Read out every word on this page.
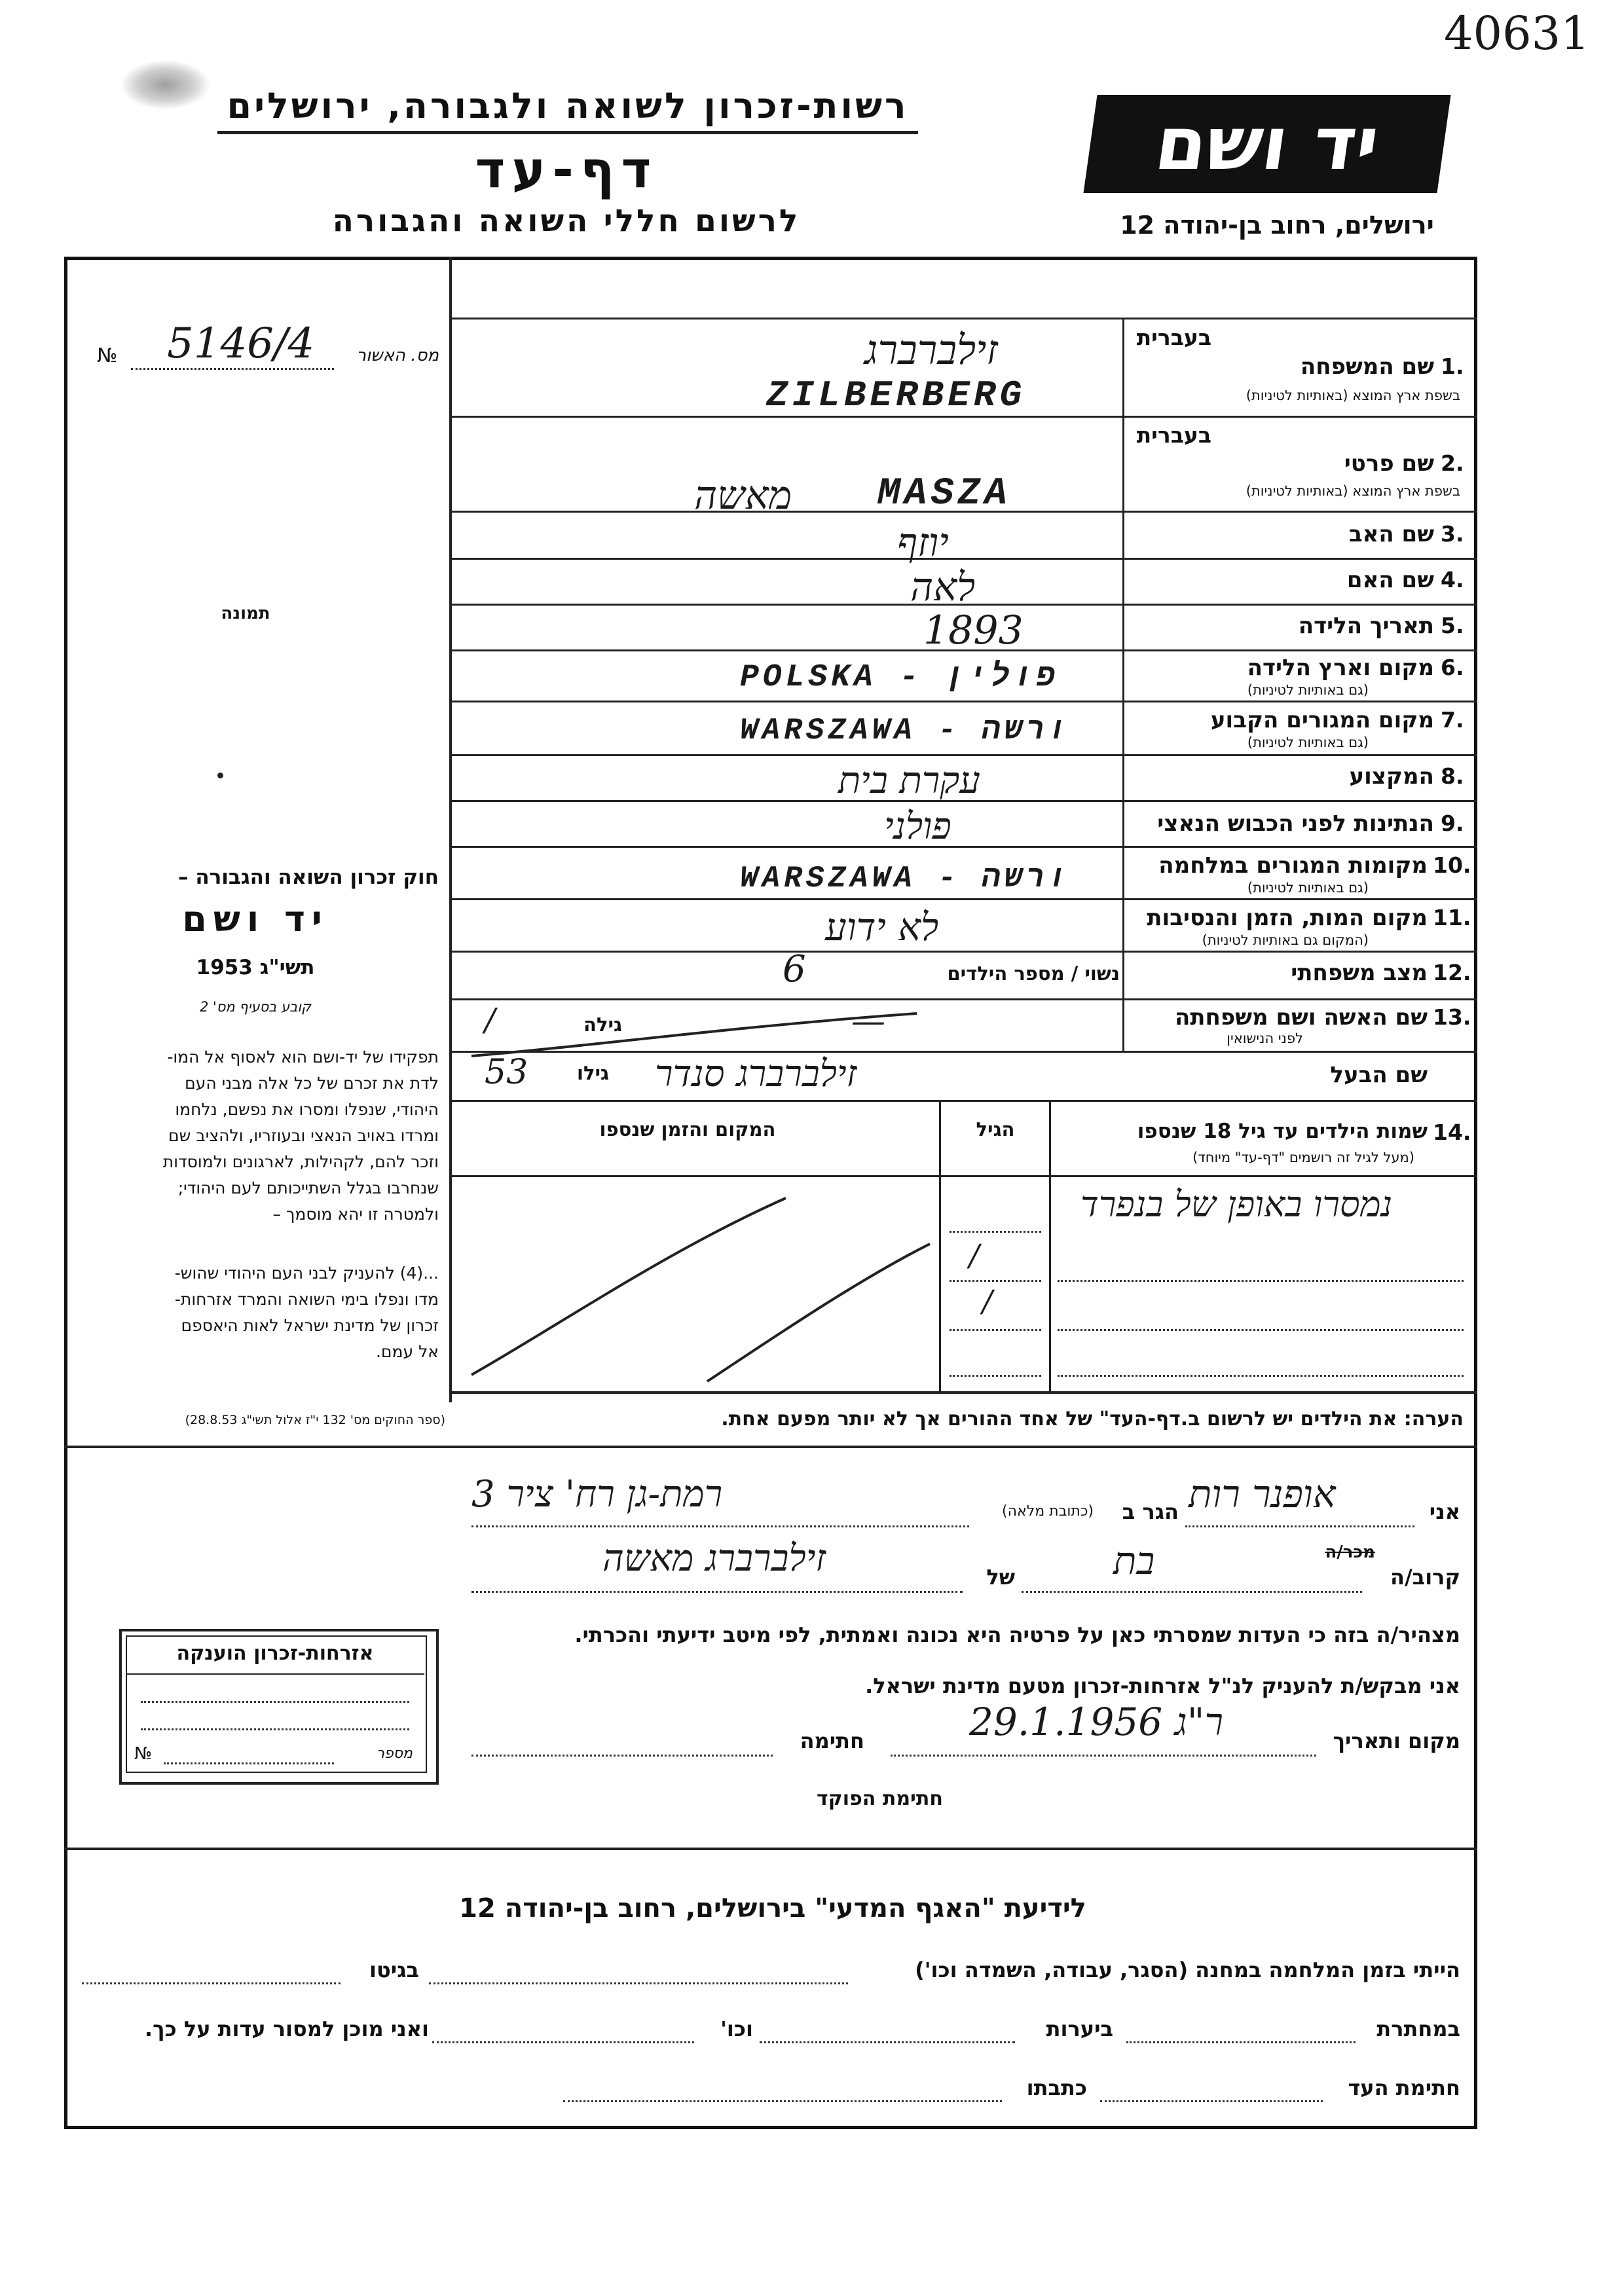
40631
רשות-זכרון לשואה ולגבורה, ירושלים
דף-עד
לרשום חללי השואה והגבורה
יד ושם
ירושלים, רחוב בן-יהודה 12
מס. האשור
№ 5146/4
תמונה
בעברית
1.
שם המשפחה
בשפת ארץ המוצא (באותיות לטיניות)
בעברית
2.
שם פרטי
בשפת ארץ המוצא (באותיות לטיניות)
3.
שם האב
4.
שם האם
5.
תאריך הלידה
6.
מקום וארץ הלידה
(גם באותיות לטיניות)
7.
מקום המגורים הקבוע
(גם באותיות לטיניות)
8.
המקצוע
9.
הנתינות לפני הכבוש הנאצי
10.
מקומות המגורים במלחמה
(גם באותיות לטיניות)
11.
מקום המות, הזמן והנסיבות
(המקום גם באותיות לטיניות)
12.
מצב משפחתי
נשוי / מספר הילדים
13.
שם האשה ושם משפחתה
לפני הנישואין
גילה
שם הבעל
גילו
14.
שמות הילדים עד גיל 18 שנספו
(מעל לגיל זה רושמים "דף-עד" מיוחד)
הגיל
המקום והזמן שנספו
זילברברג
ZILBERBERG
מאשה MASZA
יוזף
לאה
1893
POLSKA - פולין
WARSZAWA - ורשה
עקרת בית
פולני
WARSZAWA - ורשה
לא ידוע
6
—
/
53	זילברברג סנדר
נמסרו באופן של בנפרד
/
/
חוק זכרון השואה והגבורה –
יד ושם
תשי"ג 1953
קובע בסעיף מס' 2
תפקידו של יד-ושם הוא לאסוף אל המו-
לדת את זכרם של כל אלה מבני העם
היהודי, שנפלו ומסרו את נפשם, נלחמו
ומרדו באויב הנאצי ובעוזריו, ולהציב שם
וזכר להם, לקהילות, לארגונים ולמוסדות
שנחרבו בגלל השתייכותם לעם היהודי;
ולמטרה זו יהא מוסמך –
...(4) להעניק לבני העם היהודי שהוש-
מדו ונפלו בימי השואה והמרד אזרחות-
זכרון של מדינת ישראל לאות היאספם
אל עמם.
(ספר החוקים מס' 132 י"ז אלול תשי"ג 28.8.53)	הערה: את הילדים יש לרשום ב.דף-העד" של אחד ההורים אך לא יותר מפעם אחת.
אני
אופנר רות
הגר ב
(כתובת מלאה)
רמת-גן רח' ציר 3
קרוב/ה
מכר/ה
בת
של
זילברברג מאשה
מצהיר/ה בזה כי העדות שמסרתי כאן על פרטיה היא נכונה ואמתית, לפי מיטב ידיעתי והכרתי.
אני מבקש/ת להעניק לנ"ל אזרחות-זכרון מטעם מדינת ישראל.
מקום ותאריך
ר"ג 29.1.1956
חתימה
חתימת הפוקד
אזרחות-זכרון הוענקה
מספר
№
לידיעת "האגף המדעי" בירושלים, רחוב בן-יהודה 12
הייתי בזמן המלחמה במחנה (הסגר, עבודה, השמדה וכו')
בגיטו
במחתרת
ביערות
וכו'
ואני מוכן למסור עדות על כך.
חתימת העד
כתבתו
